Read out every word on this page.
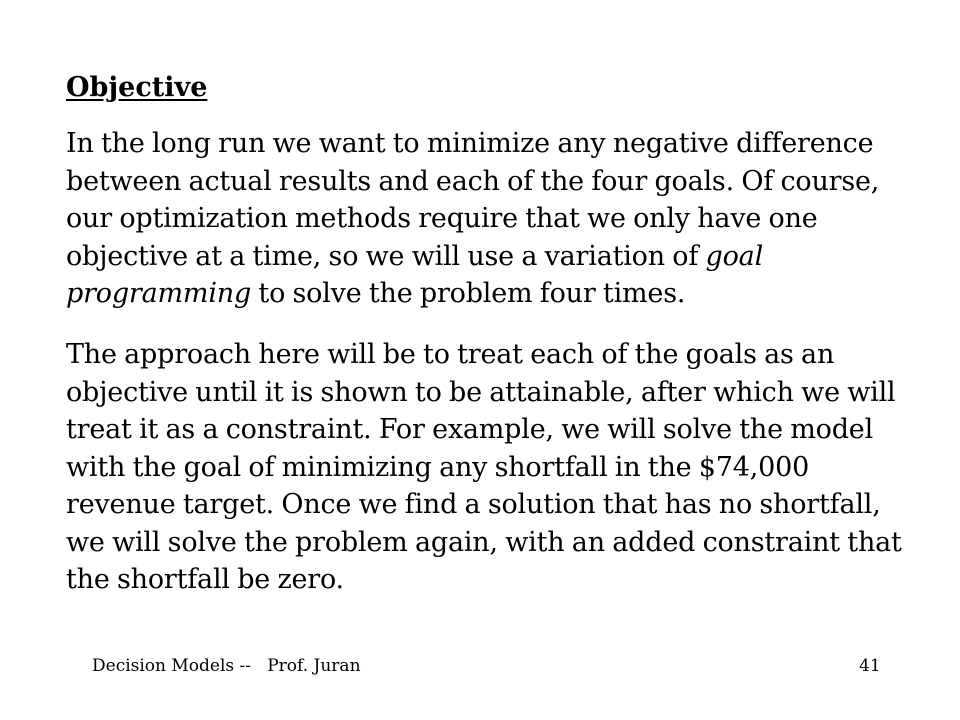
Objective
In the long run we want to minimize any negative difference between actual results and each of the four goals. Of course, our optimization methods require that we only have one objective at a time, so we will use a variation of goal programming to solve the problem four times.
The approach here will be to treat each of the goals as an objective until it is shown to be attainable, after which we will treat it as a constraint. For example, we will solve the model with the goal of minimizing any shortfall in the $74,000 revenue target. Once we find a solution that has no shortfall, we will solve the problem again, with an added constraint that the shortfall be zero.
Decision Models --   Prof. Juran	41
